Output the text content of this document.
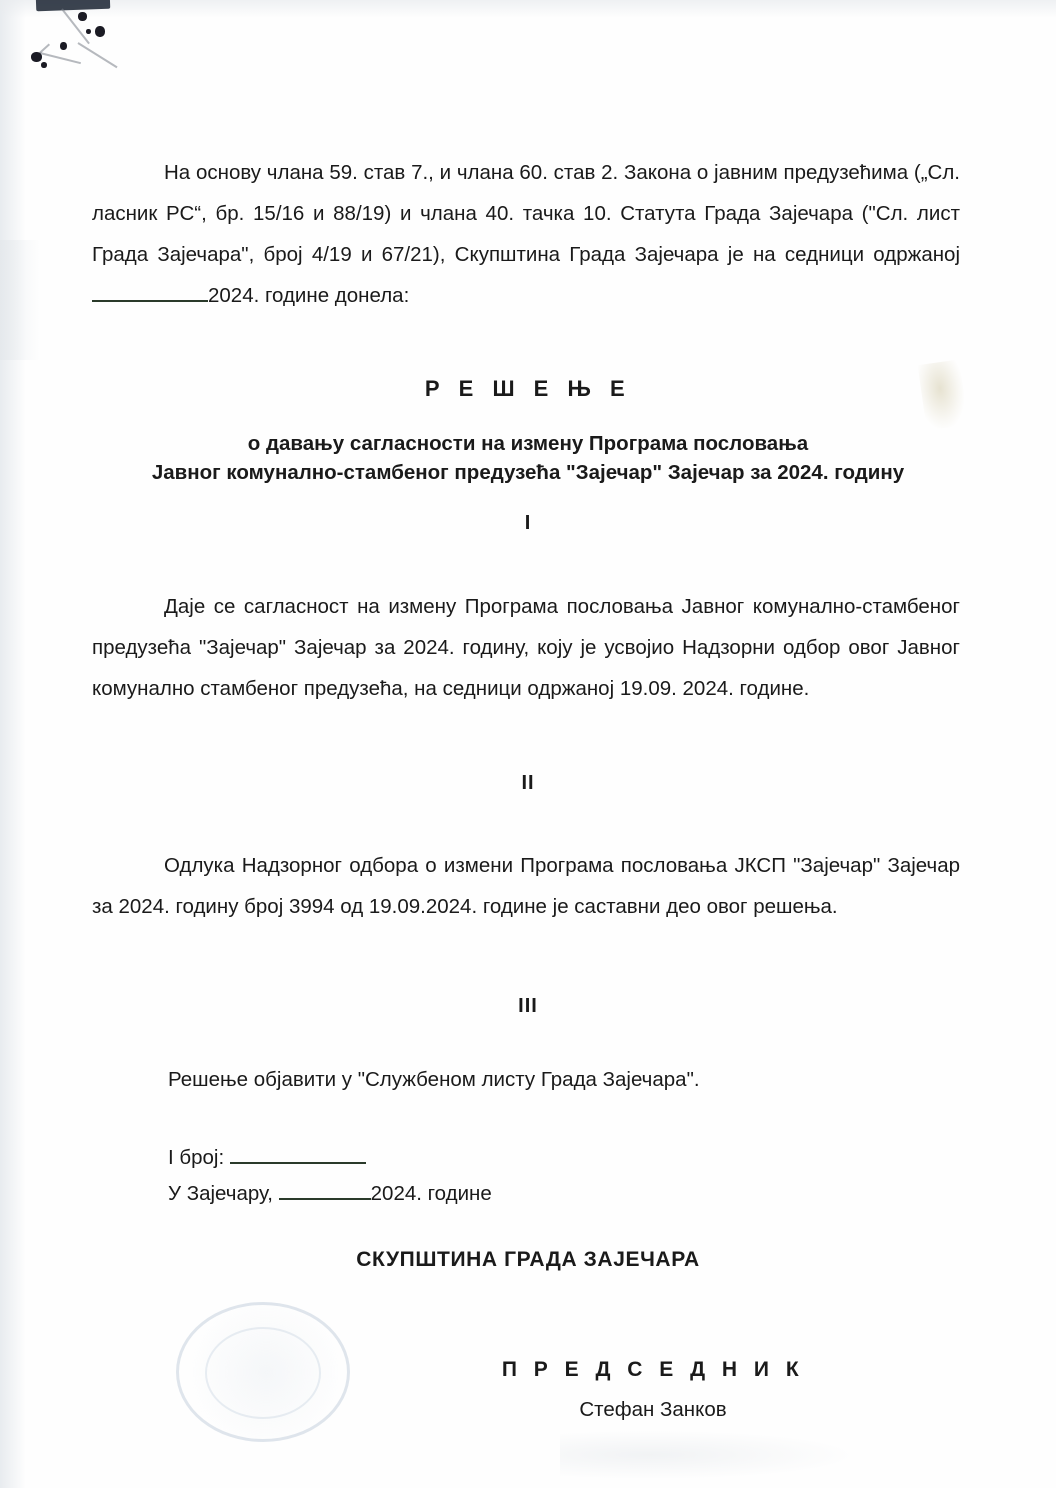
На основу члана 59. став 7., и члана 60. став 2. Закона о јавним предузећима („Сл. ласник РС“, бр. 15/16 и 88/19) и члана 40. тачка 10. Статута Града Зајечара ("Сл. лист Града Зајечара", број 4/19 и 67/21), Скупштина Града Зајечара је на седници одржаној2024. године донела:

Р Е Ш Е Њ Е
о давању сагласности на измену Програма пословања
Јавног комунално-стамбеног предузећа "Зајечар" Зајечар за 2024. годину
I
Даје се сагласност на измену Програма пословања Јавног комунално-стамбеног предузећа "Зајечар" Зајечар за 2024. годину, коју је усвојио Надзорни одбор овог Јавног комунално стамбеног предузећа, на седници одржаној 19.09. 2024. године.
II
Одлука Надзорног одбора о измени Програма пословања ЈКСП "Зајечар" Зајечар за 2024. годину број 3994 од 19.09.2024. године је саставни део овог решења.
III
Решење објавити у "Службеном листу Града Зајечара".
I број:
У Зајечару,	2024. године
СКУПШТИНА ГРАДА ЗАЈЕЧАРА
П Р Е Д С Е Д Н И К
Стефан Занков
